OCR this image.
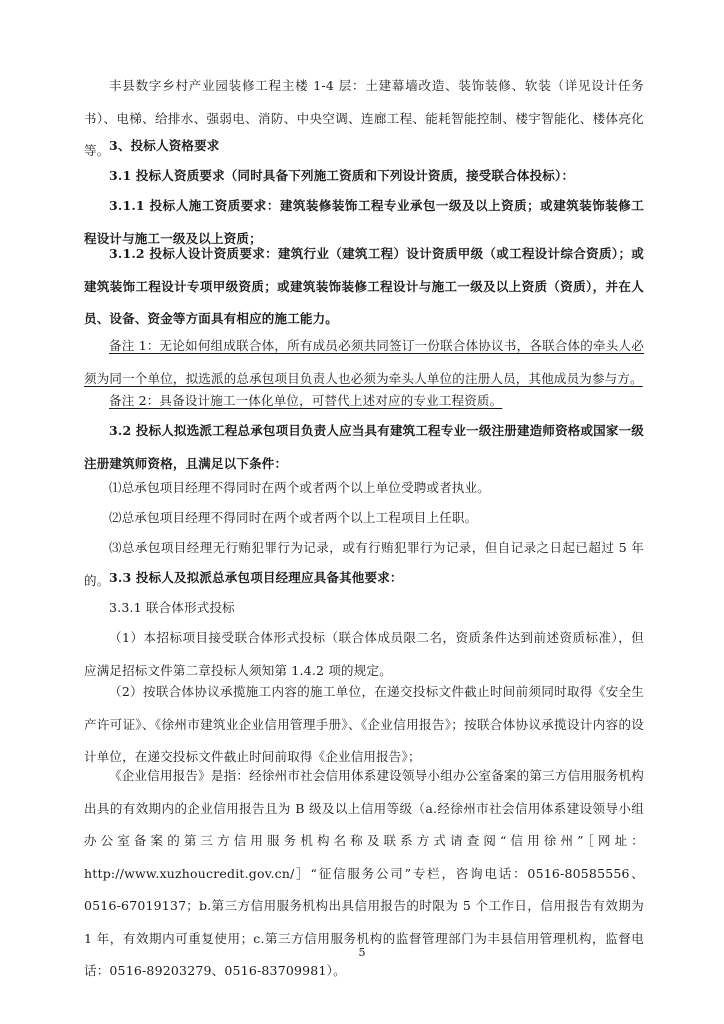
丰县数字乡村产业园装修工程主楼 1-4 层：土建幕墙改造、装饰装修、软装（详见设计任务书）、电梯、给排水、强弱电、消防、中央空调、连廊工程、能耗智能控制、楼宇智能化、楼体亮化等。 3、投标人资格要求

3.1 投标人资质要求（同时具备下列施工资质和下列设计资质，接受联合体投标）：

3.1.1 投标人施工资质要求：建筑装修装饰工程专业承包一级及以上资质；或建筑装饰装修工程设计与施工一级及以上资质；

3.1.2 投标人设计资质要求：建筑行业（建筑工程）设计资质甲级（或工程设计综合资质）；或建筑装饰工程设计专项甲级资质；或建筑装饰装修工程设计与施工一级及以上资质（资质），并在人员、设备、资金等方面具有相应的施工能力。

备注 1：无论如何组成联合体，所有成员必须共同签订一份联合体协议书，各联合体的牵头人必须为同一个单位，拟选派的总承包项目负责人也必须为牵头人单位的注册人员，其他成员为参与方。

备注 2：具备设计施工一体化单位，可替代上述对应的专业工程资质。

3.2 投标人拟选派工程总承包项目负责人应当具有建筑工程专业一级注册建造师资格或国家一级注册建筑师资格，且满足以下条件：

⑴总承包项目经理不得同时在两个或者两个以上单位受聘或者执业。

⑵总承包项目经理不得同时在两个或者两个以上工程项目上任职。

⑶总承包项目经理无行贿犯罪行为记录，或有行贿犯罪行为记录，但自记录之日起已超过 5 年的。 3.3 投标人及拟派总承包项目经理应具备其他要求：

3.3.1 联合体形式投标

（1）本招标项目接受联合体形式投标（联合体成员限二名，资质条件达到前述资质标准），但应满足招标文件第二章投标人须知第 1.4.2 项的规定。

（2）按联合体协议承揽施工内容的施工单位，在递交投标文件截止时间前须同时取得《安全生产许可证》、《徐州市建筑业企业信用管理手册》、《企业信用报告》；按联合体协议承揽设计内容的设计单位，在递交投标文件截止时间前取得《企业信用报告》；

《企业信用报告》是指：经徐州市社会信用体系建设领导小组办公室备案的第三方信用服务机构出具的有效期内的企业信用报告且为 B 级及以上信用等级（a.经徐州市社会信用体系建设领导小组办公室备案的第三方信用服务机构名称及联系方式请查阅“信用徐州”［网址：http://www.xuzhoucredit.gov.cn/］“征信服务公司”专栏，咨询电话：0516-80585556、0516-67019137；b.第三方信用服务机构出具信用报告的时限为 5 个工作日，信用报告有效期为 1 年，有效期内可重复使用；c.第三方信用服务机构的监督管理部门为丰县信用管理机构，监督电话：0516-89203279、0516-83709981）。

5
